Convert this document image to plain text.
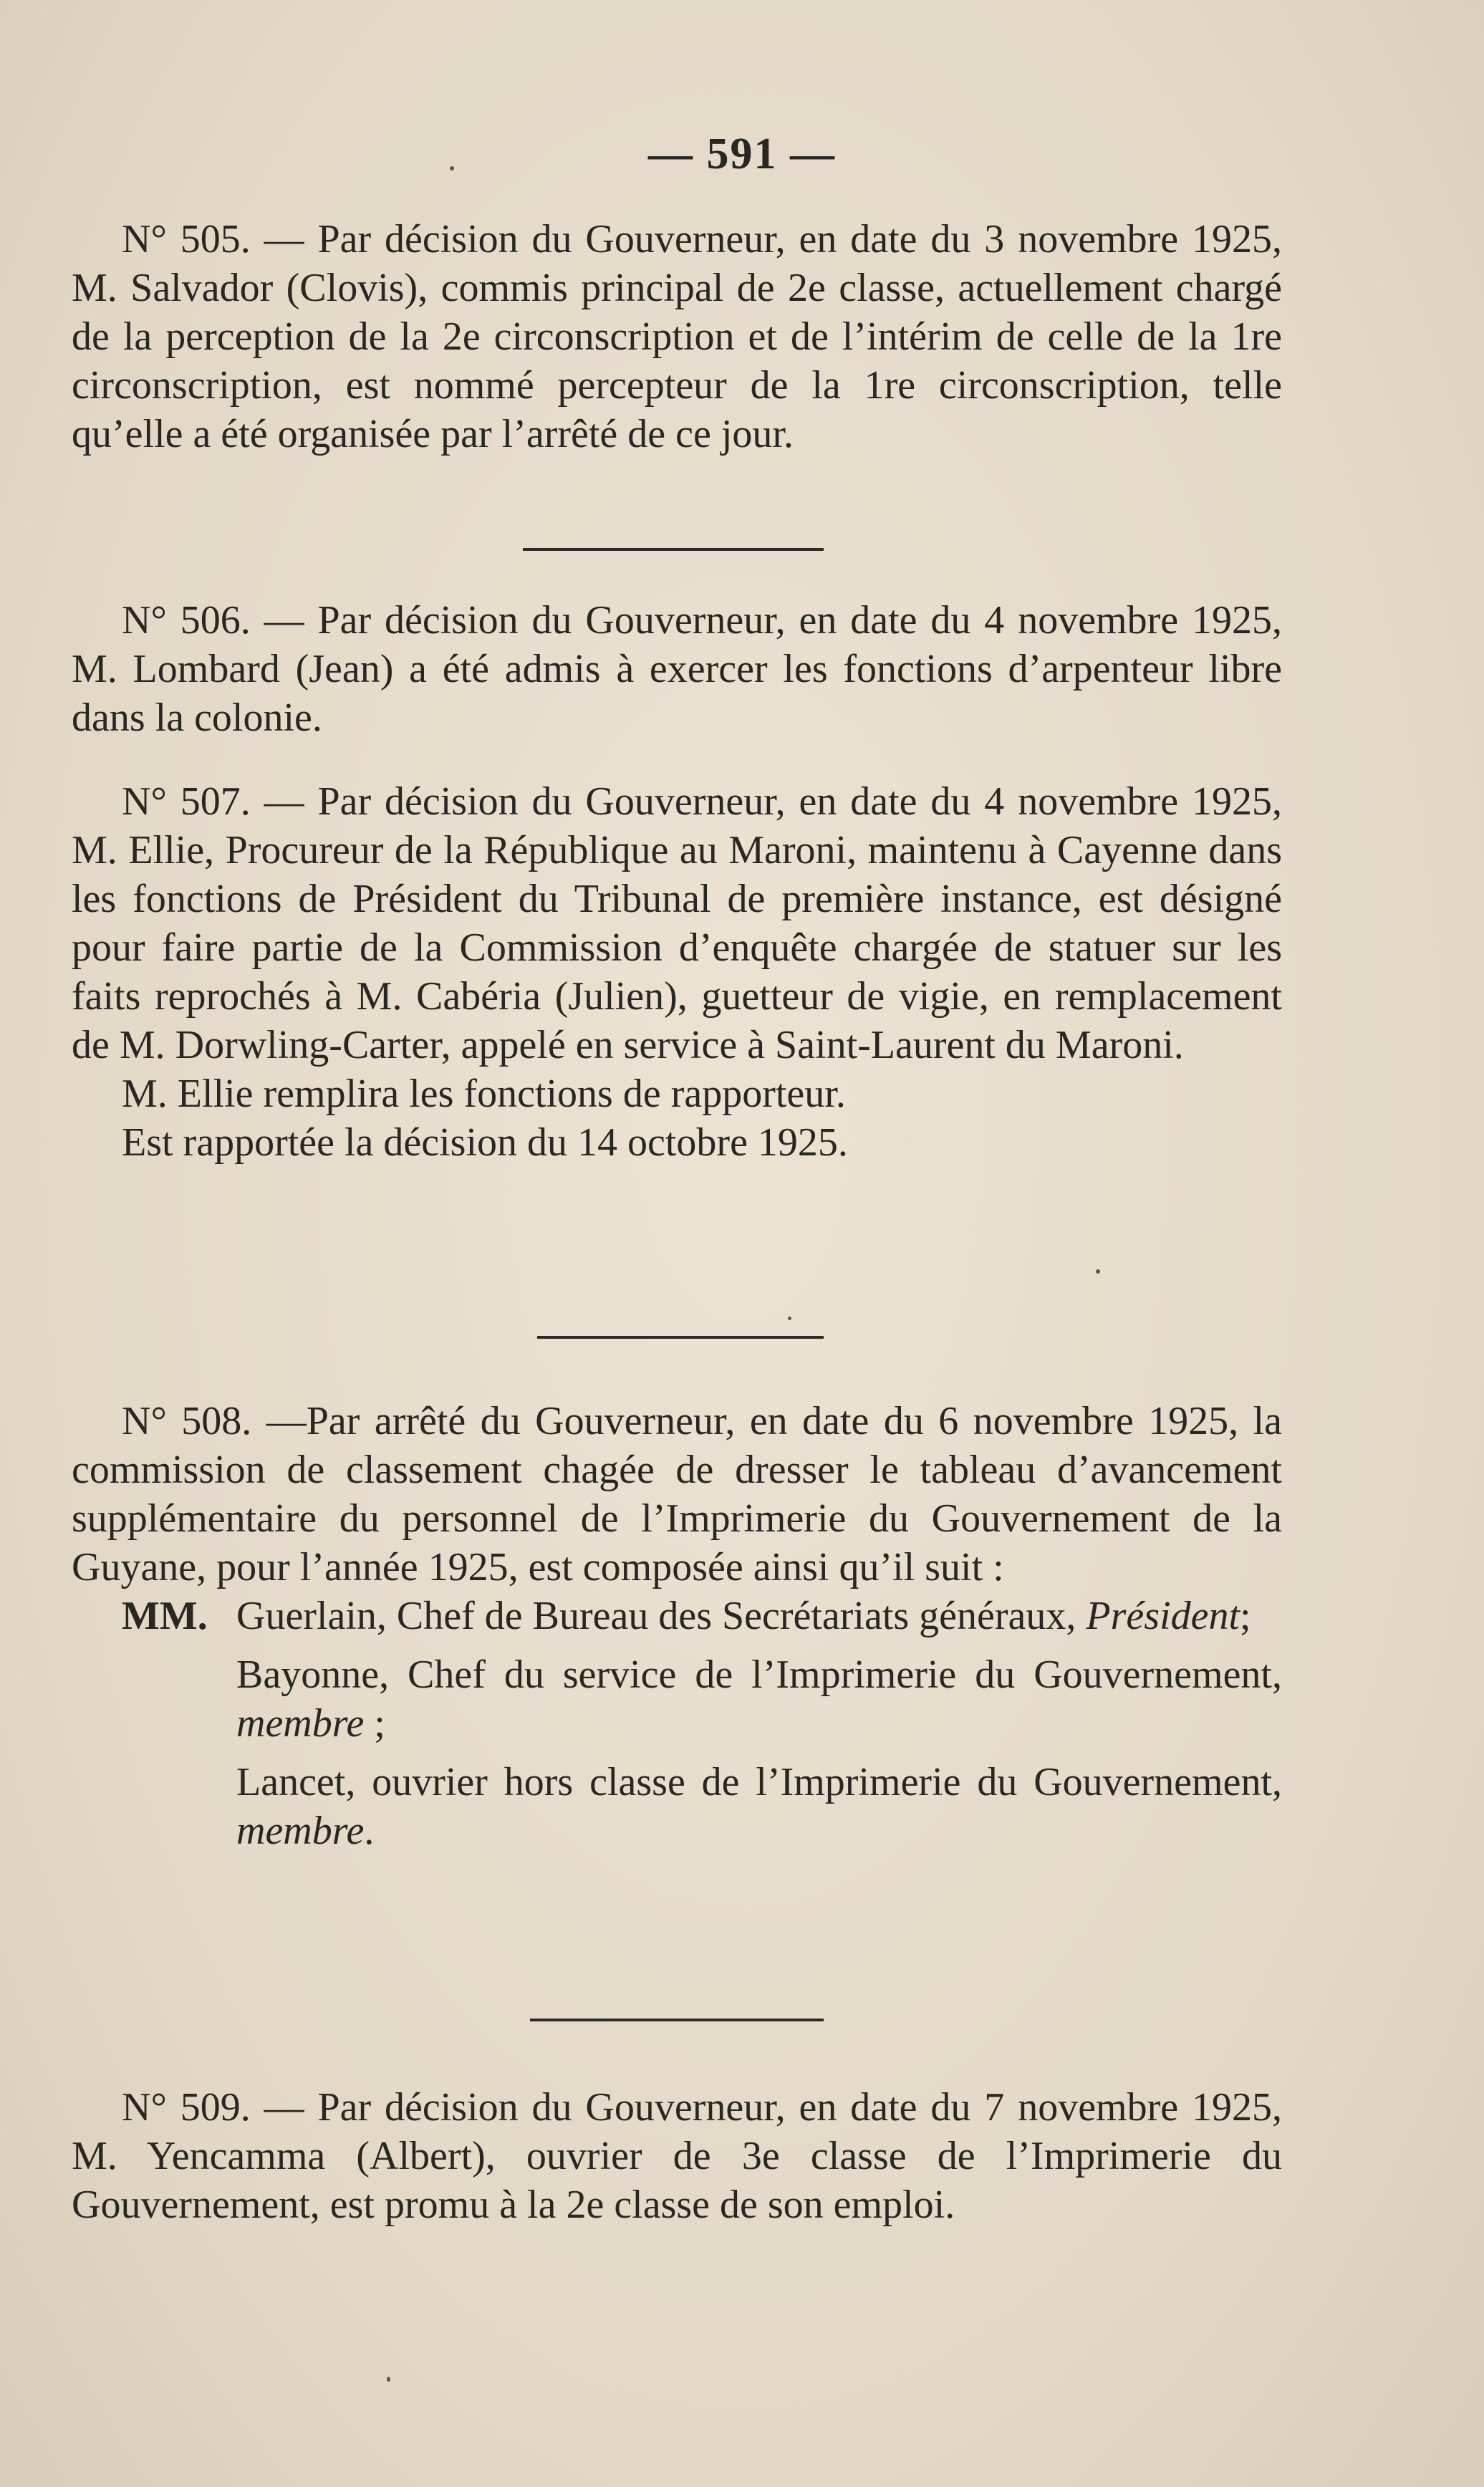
— 591 —

N° 505. — Par décision du Gouverneur, en date du 3 novembre 1925, M. Salvador (Clovis), commis principal de 2e classe, actuellement chargé de la perception de la 2e circonscription et de l’intérim de celle de la 1re circonscription, est nommé percepteur de la 1re circonscription, telle qu’elle a été organisée par l’arrêté de ce jour.

N° 506. — Par décision du Gouverneur, en date du 4 novembre 1925, M. Lombard (Jean) a été admis à exercer les fonctions d’arpenteur libre dans la colonie.

N° 507. — Par décision du Gouverneur, en date du 4 novembre 1925, M. Ellie, Procureur de la République au Maroni, maintenu à Cayenne dans les fonctions de Président du Tribunal de première instance, est désigné pour faire partie de la Commission d’enquête chargée de statuer sur les faits reprochés à M. Cabéria (Julien), guetteur de vigie, en remplacement de M. Dorwling-Carter, appelé en service à Saint-Laurent du Maroni.

M. Ellie remplira les fonctions de rapporteur.

Est rapportée la décision du 14 octobre 1925.

N° 508. —Par arrêté du Gouverneur, en date du 6 novembre 1925, la commission de classement chagée de dresser le tableau d’avancement supplémentaire du personnel de l’Imprimerie du Gouvernement de la Guyane, pour l’année 1925, est composée ainsi qu’il suit :

MM. Guerlain, Chef de Bureau des Secrétariats généraux, Président;
Bayonne, Chef du service de l’Imprimerie du Gouvernement, membre ;
Lancet, ouvrier hors classe de l’Imprimerie du Gouvernement, membre.

N° 509. — Par décision du Gouverneur, en date du 7 novembre 1925, M. Yencamma (Albert), ouvrier de 3e classe de l’Imprimerie du Gouvernement, est promu à la 2e classe de son emploi.
